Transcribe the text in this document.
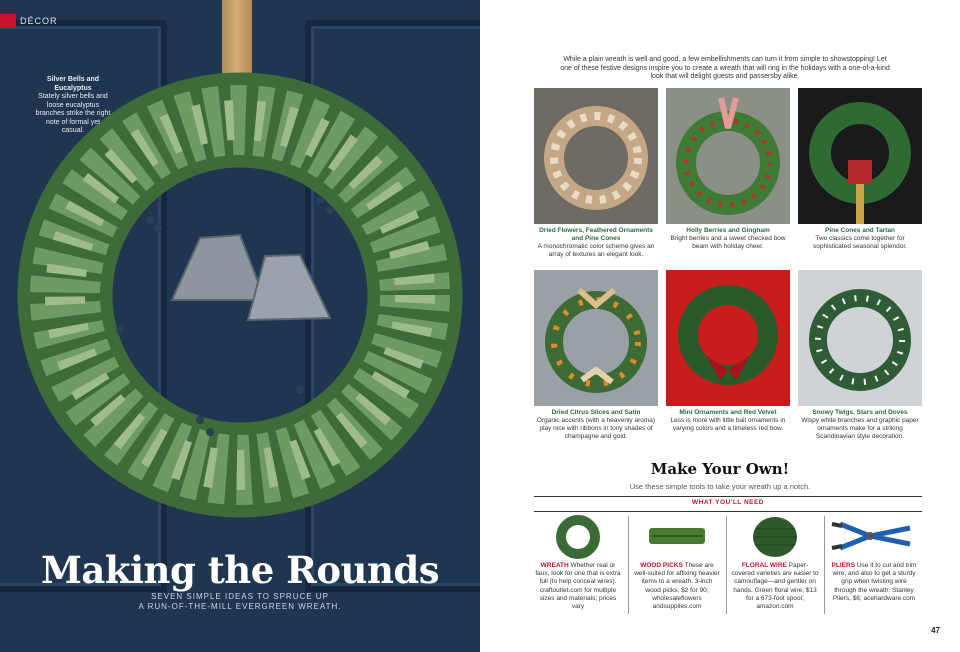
DÉCOR
Silver Bells and Eucalyptus
Stately silver bells and loose eucalyptus branches strike the right note of formal yet casual.
Making the Rounds
SEVEN SIMPLE IDEAS TO SPRUCE UP
A RUN-OF-THE-MILL EVERGREEN WREATH.
While a plain wreath is well and good, a few embellishments can turn it from simple to showstopping! Let one of these festive designs inspire you to create a wreath that will ring in the holidays with a one-of-a-kind look that will delight guests and passersby alike.
Dried Flowers, Feathered Ornaments and Pine Cones
A monochromatic color scheme gives an array of textures an elegant look.
Holly Berries and Gingham
Bright berries and a sweet checked bow beam with holiday cheer.
Pine Cones and Tartan
Two classics come together for sophisticated seasonal splendor.
Dried Citrus Slices and Satin
Organic accents (with a heavenly aroma) play nice with ribbons in tony shades of champagne and gold.
Mini Ornaments and Red Velvet
Less is more with little ball ornaments in varying colors and a timeless red bow.
Snowy Twigs, Stars and Doves
Wispy white branches and graphic paper ornaments make for a striking Scandinavian style decoration.
Make Your Own!
Use these simple tools to take your wreath up a notch.
WHAT YOU'LL NEED

WREATH Whether real or faux, look for one that is extra full (to help conceal wires). craftoutlet.com for multiple sizes and materials; prices vary

WOOD PICKS These are well-suited for affixing heavier items to a wreath. 3-inch wood picks, $2 for 90; wholesaleflowers andsupplies.com

FLORAL WIRE Paper-covered varieties are easier to camouflage—and gentler on hands. Green floral wire, $13 for a 673-foot spool; amazon.com

PLIERS Use it to cut and trim wire, and also to get a sturdy grip when twisting wire through the wreath. Stanley Pliers, $6; acehardware.com

47
